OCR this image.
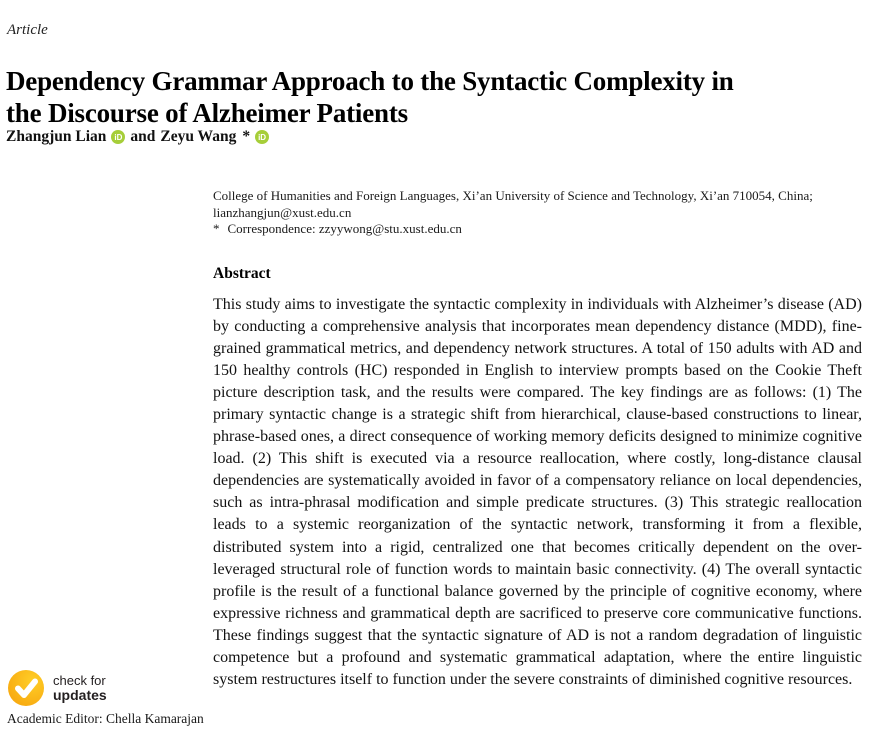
Article
Dependency Grammar Approach to the Syntactic Complexity in
the Discourse of Alzheimer Patients
Zhangjun Lian	iD and Zeyu Wang *	iD
College of Humanities and Foreign Languages, Xi’an University of Science and Technology, Xi’an 710054, China; lianzhangjun@xust.edu.cn
* Correspondence: zzyywong@stu.xust.edu.cn
Abstract
This study aims to investigate the syntactic complexity in individuals with Alzheimer’s disease (AD) by conducting a comprehensive analysis that incorporates mean dependency distance (MDD), fine-grained grammatical metrics, and dependency network structures. A total of 150 adults with AD and 150 healthy controls (HC) responded in English to interview prompts based on the Cookie Theft picture description task, and the results were compared. The key findings are as follows: (1) The primary syntactic change is a strategic shift from hierarchical, clause-based constructions to linear, phrase-based ones, a direct consequence of working memory deficits designed to minimize cognitive load. (2) This shift is executed via a resource reallocation, where costly, long-distance clausal dependencies are systematically avoided in favor of a compensatory reliance on local dependencies, such as intra-phrasal modification and simple predicate structures. (3) This strategic reallocation leads to a systemic reorganization of the syntactic network, transforming it from a flexible, distributed system into a rigid, centralized one that becomes critically dependent on the over-leveraged structural role of function words to maintain basic connectivity. (4) The overall syntactic profile is the result of a functional balance governed by the principle of cognitive economy, where expressive richness and grammatical depth are sacrificed to preserve core communicative functions. These findings suggest that the syntactic signature of AD is not a random degradation of linguistic competence but a profound and systematic grammatical adaptation, where the entire linguistic system restructures itself to function under the severe constraints of diminished cognitive resources.
check for
updates
Academic Editor: Chella Kamarajan
